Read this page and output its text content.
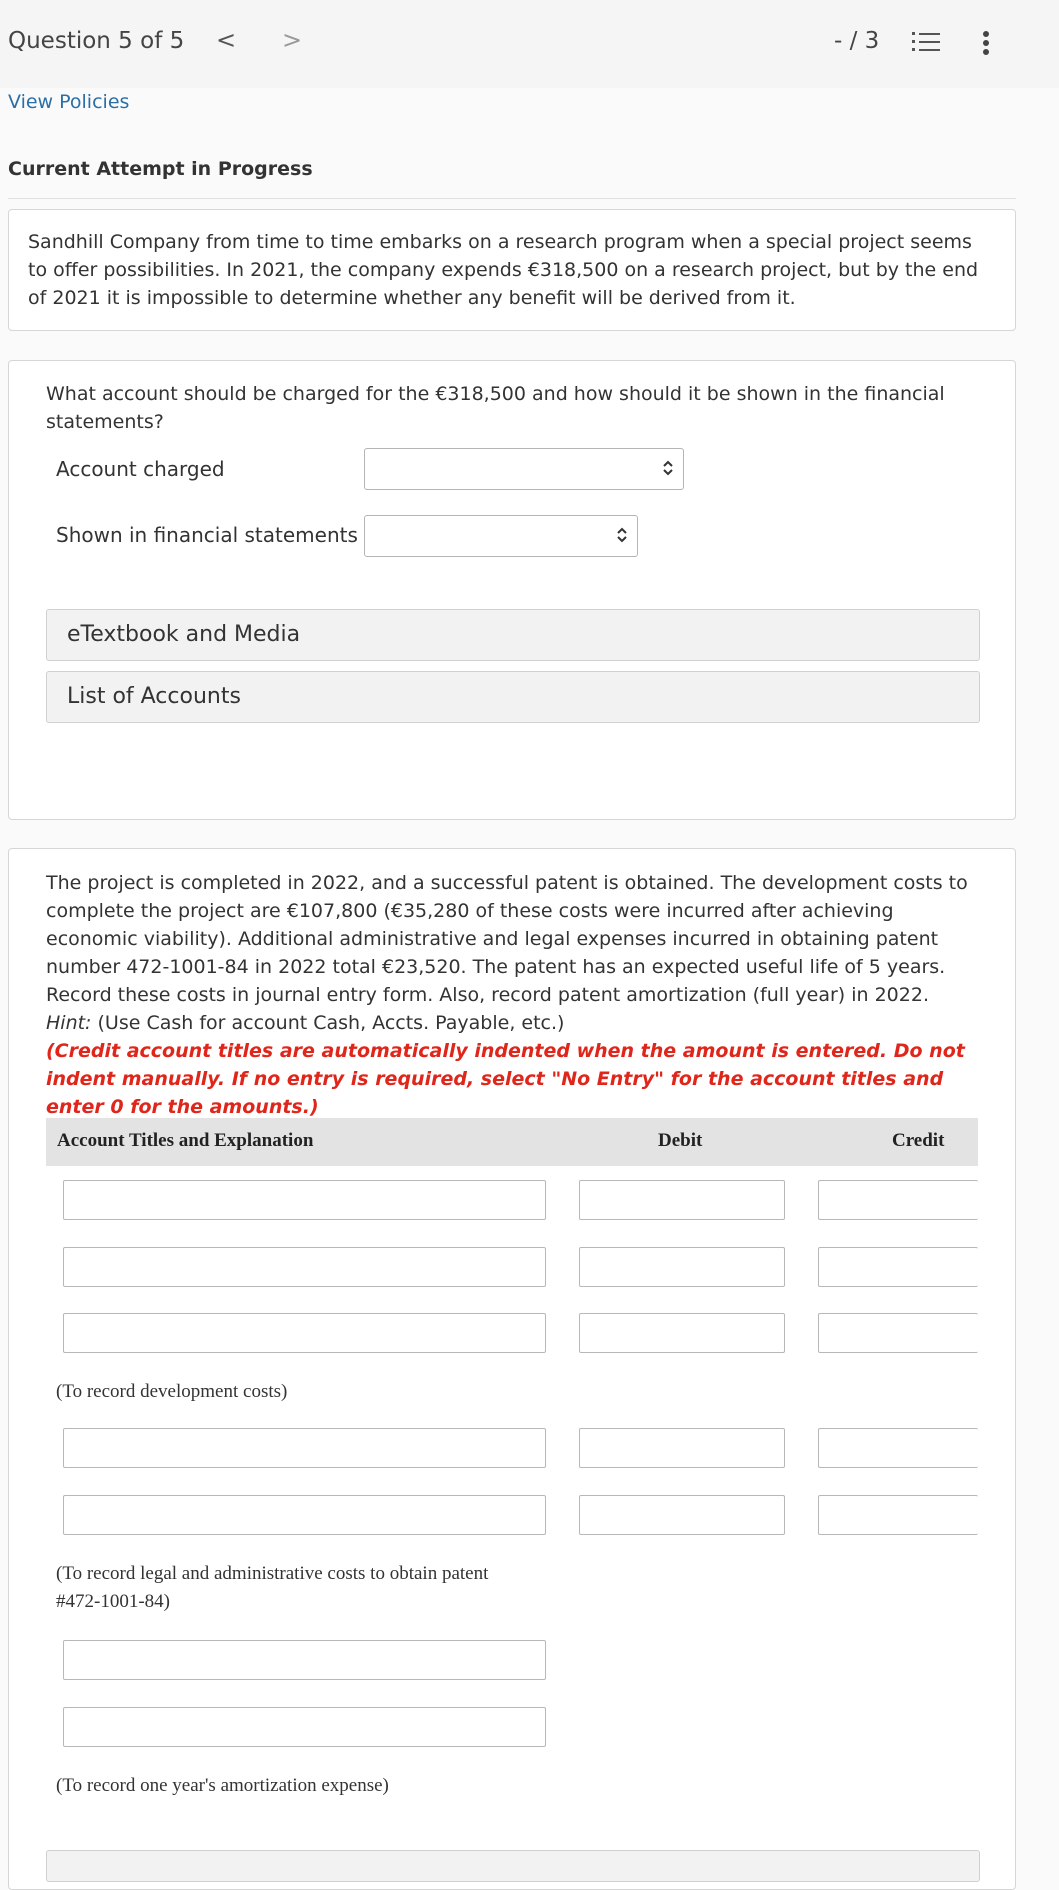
Question 5 of 5 < >	- / 3
View Policies
Current Attempt in Progress
Sandhill Company from time to time embarks on a research program when a special project seems to offer possibilities. In 2021, the company expends €318,500 on a research project, but by the end of 2021 it is impossible to determine whether any benefit will be derived from it.
What account should be charged for the €318,500 and how should it be shown in the financial statements?
Account charged
Shown in financial statements
eTextbook and Media
List of Accounts
The project is completed in 2022, and a successful patent is obtained. The development costs to complete the project are €107,800 (€35,280 of these costs were incurred after achieving economic viability). Additional administrative and legal expenses incurred in obtaining patent number 472-1001-84 in 2022 total €23,520. The patent has an expected useful life of 5 years. Record these costs in journal entry form. Also, record patent amortization (full year) in 2022. Hint: (Use Cash for account Cash, Accts. Payable, etc.)
(Credit account titles are automatically indented when the amount is entered. Do not indent manually. If no entry is required, select "No Entry" for the account titles and enter 0 for the amounts.)
Account Titles and Explanation	Debit	Credit
(To record development costs)
(To record legal and administrative costs to obtain patent #472-1001-84)
(To record one year's amortization expense)
